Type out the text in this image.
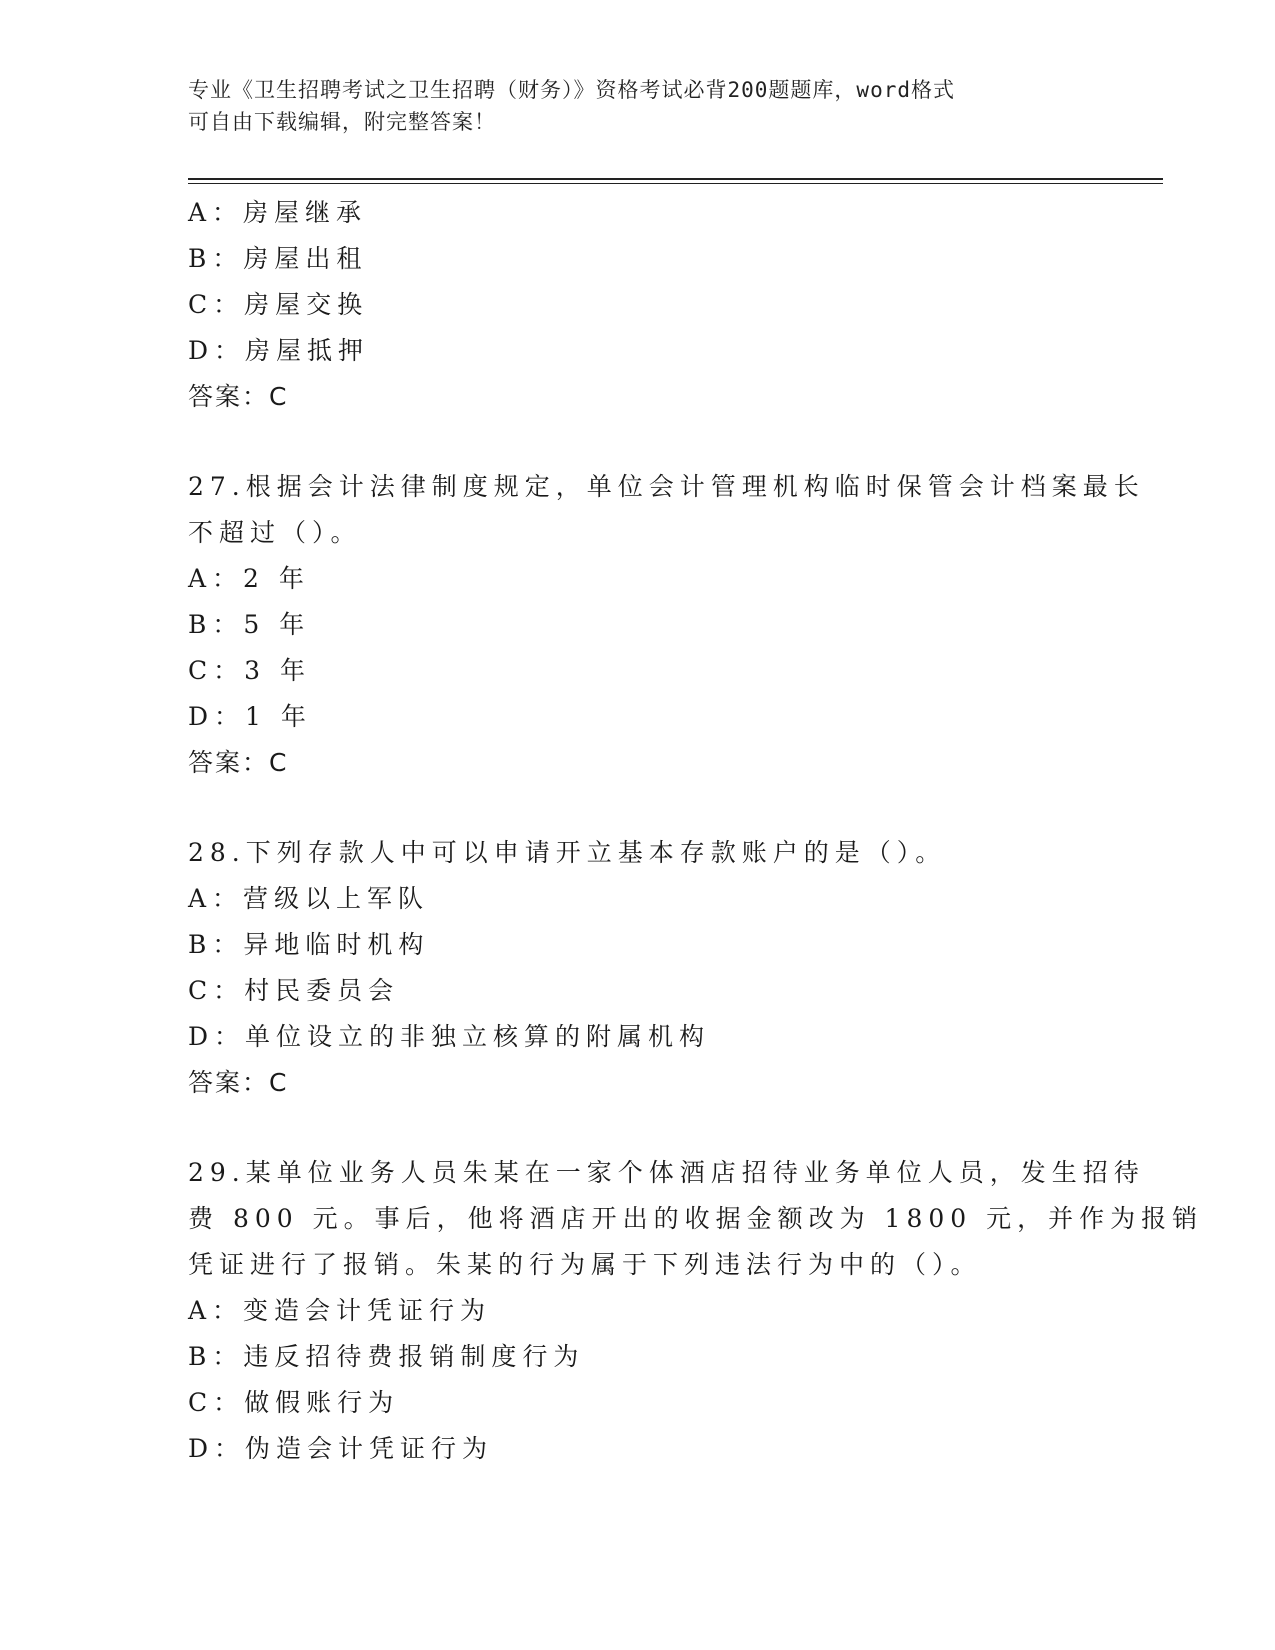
专业《卫生招聘考试之卫生招聘（财务）》资格考试必背200题题库，word格式
可自由下载编辑，附完整答案！
A：房屋继承
B：房屋出租
C：房屋交换
D：房屋抵押
答案：C
27.根据会计法律制度规定，单位会计管理机构临时保管会计档案最长
不超过（）。
A：2 年
B：5 年
C：3 年
D：1 年
答案：C
28.下列存款人中可以申请开立基本存款账户的是（）。
A：营级以上军队
B：异地临时机构
C：村民委员会
D：单位设立的非独立核算的附属机构
答案：C
29.某单位业务人员朱某在一家个体酒店招待业务单位人员，发生招待
费 800 元。事后，他将酒店开出的收据金额改为 1800 元，并作为报销
凭证进行了报销。朱某的行为属于下列违法行为中的（）。
A：变造会计凭证行为
B：违反招待费报销制度行为
C：做假账行为
D：伪造会计凭证行为
